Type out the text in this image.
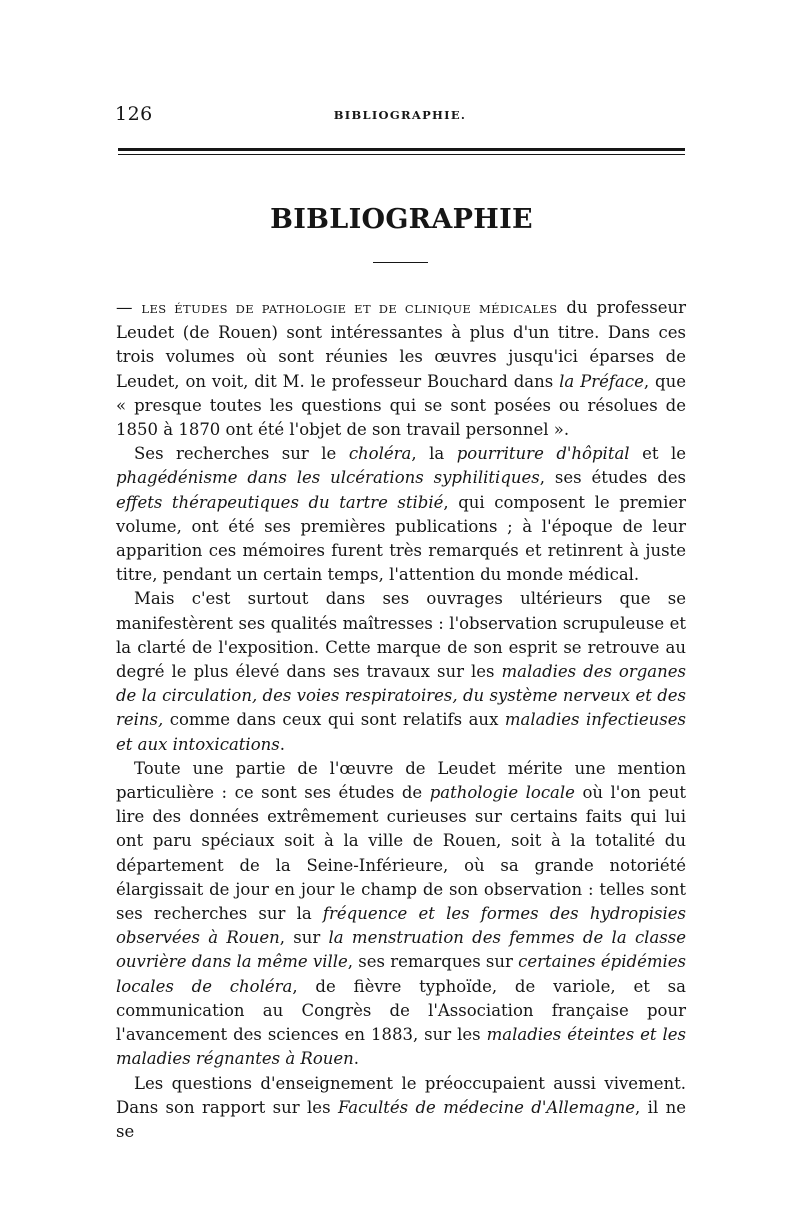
126	BIBLIOGRAPHIE.
BIBLIOGRAPHIE

— LES ÉTUDES DE PATHOLOGIE ET DE CLINIQUE MÉDICALES du professeur Leudet (de Rouen) sont intéressantes à plus d'un titre. Dans ces trois volumes où sont réunies les œuvres jusqu'ici éparses de Leudet, on voit, dit M. le professeur Bouchard dans la Préface, que « presque toutes les questions qui se sont posées ou résolues de 1850 à 1870 ont été l'objet de son travail personnel ».

Ses recherches sur le choléra, la pourriture d'hôpital et le phagédénisme dans les ulcérations syphilitiques, ses études des effets thérapeutiques du tartre stibié, qui composent le premier volume, ont été ses premières publications ; à l'époque de leur apparition ces mémoires furent très remarqués et retinrent à juste titre, pendant un certain temps, l'attention du monde médical.

Mais c'est surtout dans ses ouvrages ultérieurs que se manifestèrent ses qualités maîtresses : l'observation scrupuleuse et la clarté de l'exposition. Cette marque de son esprit se retrouve au degré le plus élevé dans ses travaux sur les maladies des organes de la circulation, des voies respiratoires, du système nerveux et des reins, comme dans ceux qui sont relatifs aux maladies infectieuses et aux intoxications.

Toute une partie de l'œuvre de Leudet mérite une mention particulière : ce sont ses études de pathologie locale où l'on peut lire des données extrêmement curieuses sur certains faits qui lui ont paru spéciaux soit à la ville de Rouen, soit à la totalité du département de la Seine-Inférieure, où sa grande notoriété élargissait de jour en jour le champ de son observation : telles sont ses recherches sur la fréquence et les formes des hydropisies observées à Rouen, sur la menstruation des femmes de la classe ouvrière dans la même ville, ses remarques sur certaines épidémies locales de choléra, de fièvre typhoïde, de variole, et sa communication au Congrès de l'Association française pour l'avancement des sciences en 1883, sur les maladies éteintes et les maladies régnantes à Rouen.

Les questions d'enseignement le préoccupaient aussi vivement. Dans son rapport sur les Facultés de médecine d'Allemagne, il ne se
